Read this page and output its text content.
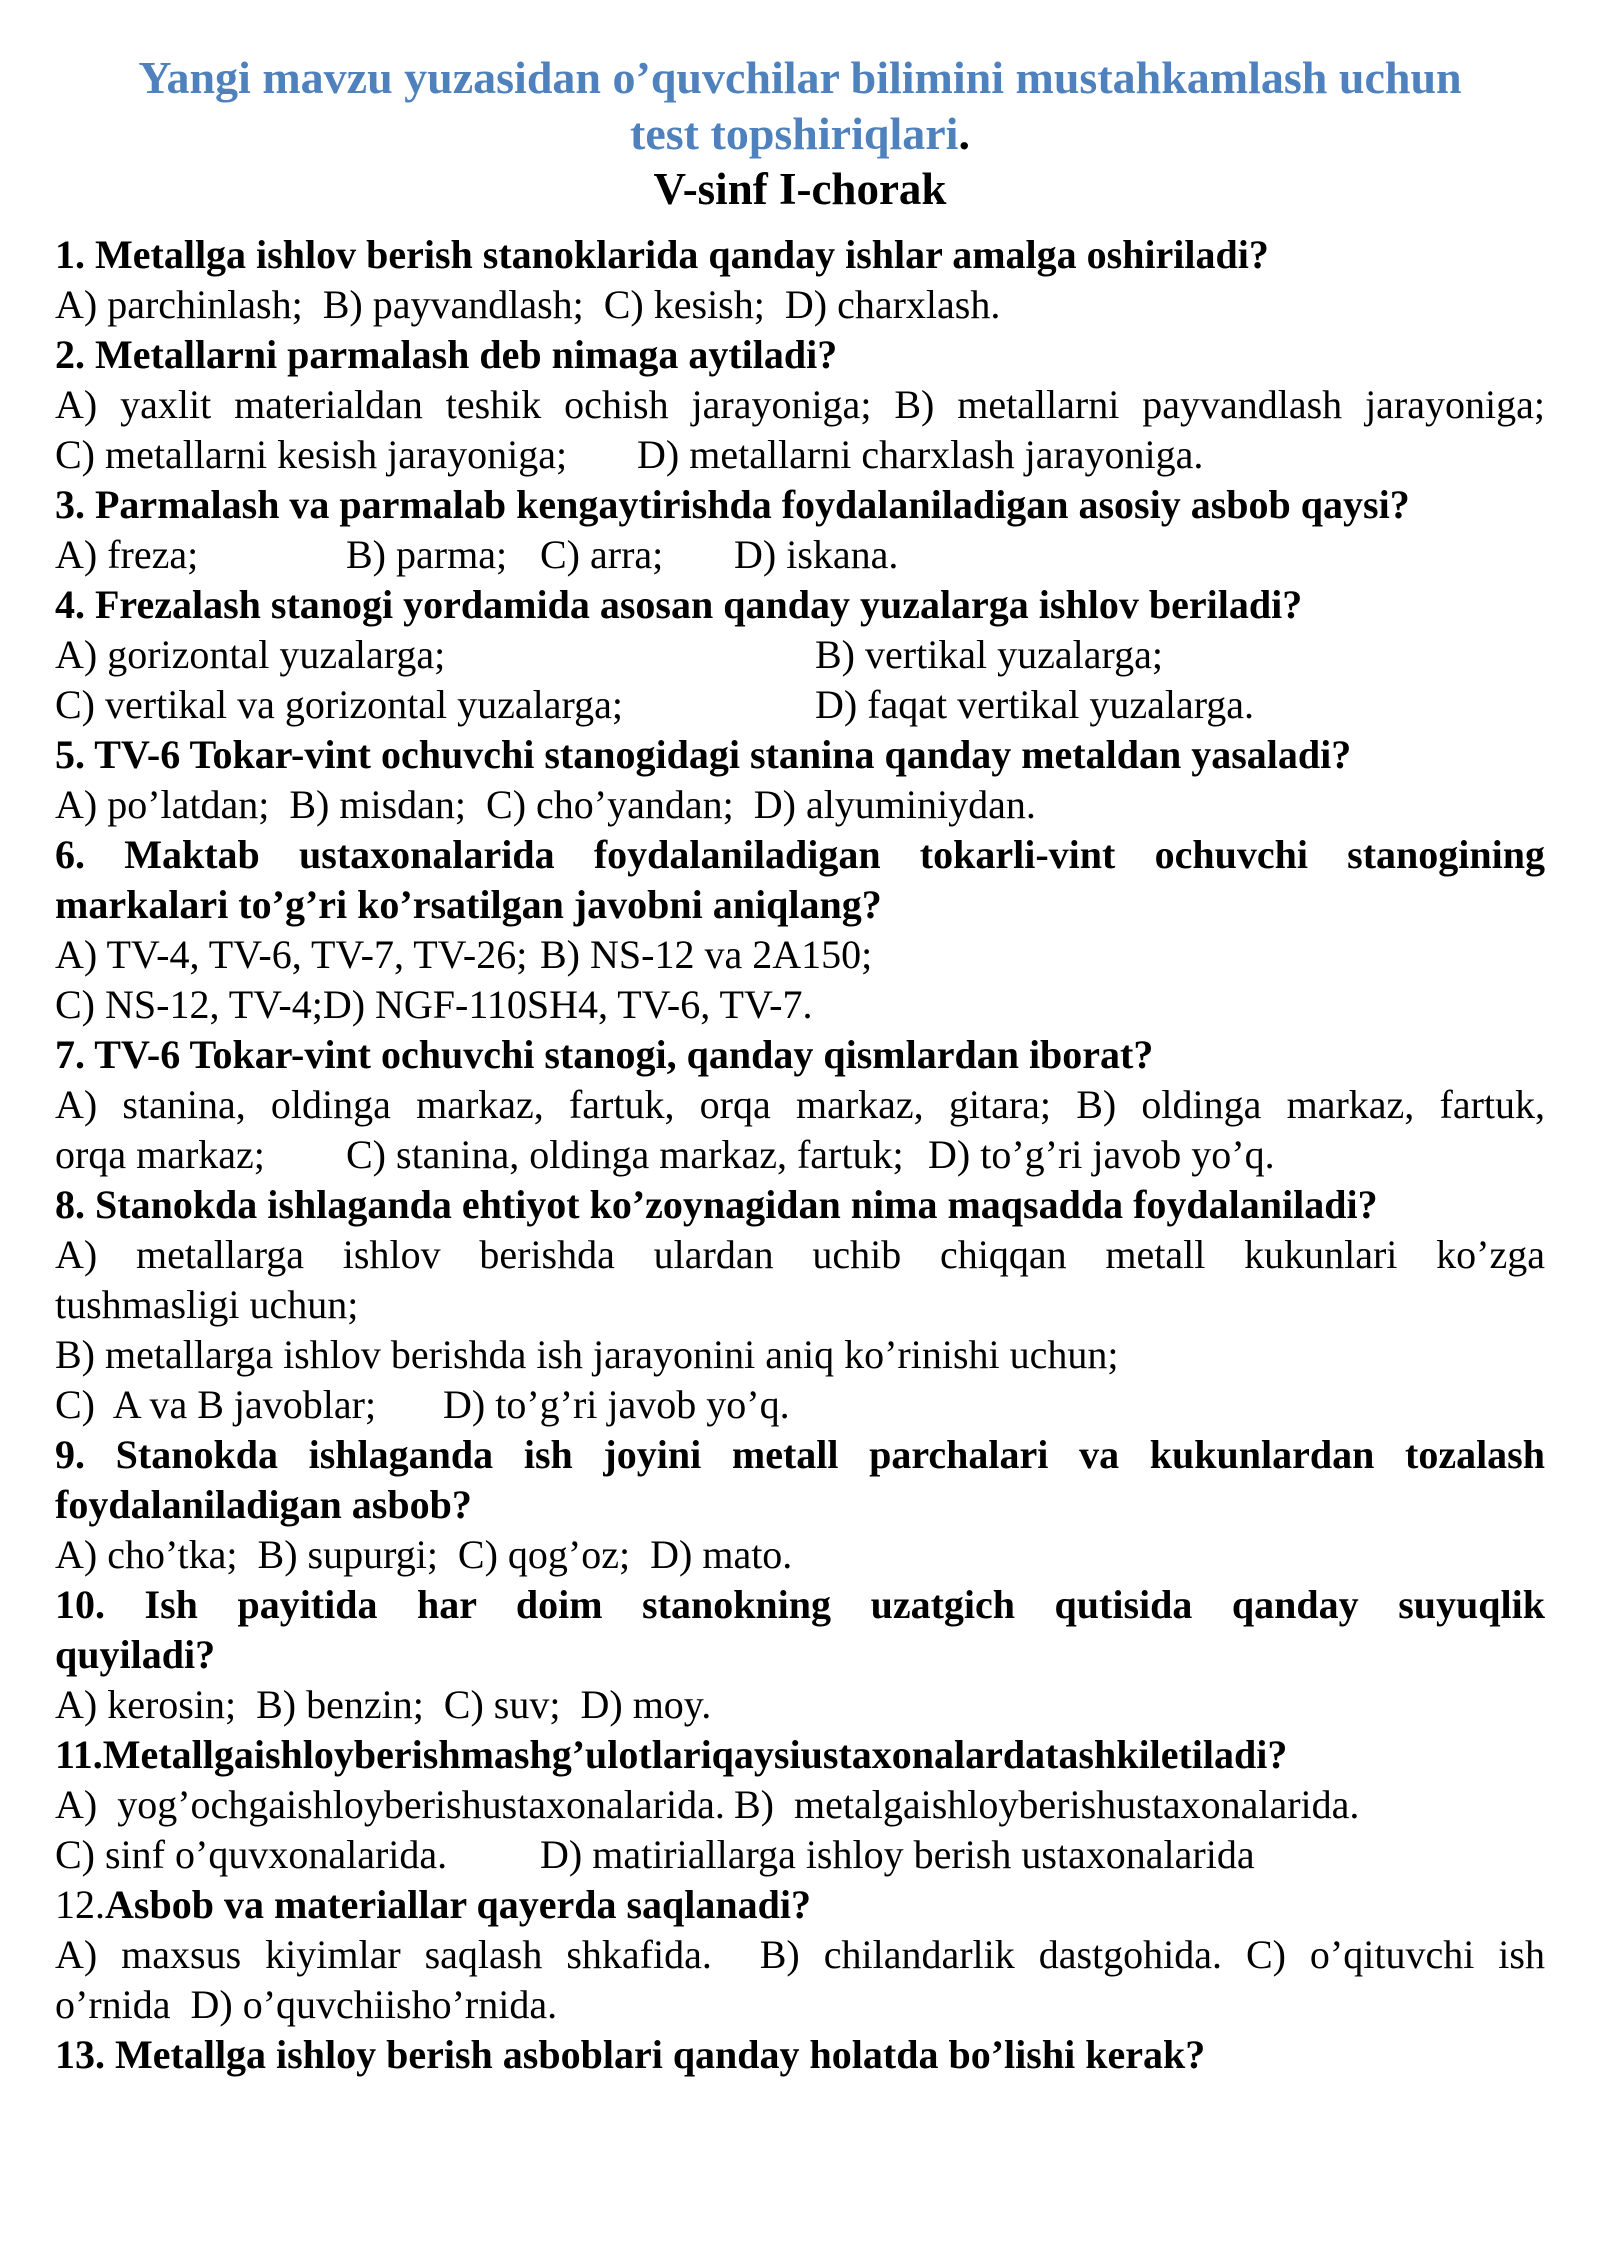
Yangi mavzu yuzasidan o’quvchilar bilimini mustahkamlash uchun
test topshiriqlari.
V-sinf I-chorak
1. Metallga ishlov berish stanoklarida qanday ishlar amalga oshiriladi?
A) parchinlash;  B) payvandlash;  C) kesish;  D) charxlash.
2. Metallarni parmalash deb nimaga aytiladi?
A) yaxlit materialdan teshik ochish jarayoniga; B) metallarni payvandlash jarayoniga;
C) metallarni kesish jarayoniga;	D) metallarni charxlash jarayoniga.
3. Parmalash va parmalab kengaytirishda foydalaniladigan asosiy asbob qaysi?
A) freza;		B) parma;	C) arra;	D) iskana.
4. Frezalash stanogi yordamida asosan qanday yuzalarga ishlov beriladi?
A) gorizontal yuzalarga;	B) vertikal yuzalarga;
C) vertikal va gorizontal yuzalarga;	D) faqat vertikal yuzalarga.
5. TV-6 Tokar-vint ochuvchi stanogidagi stanina qanday metaldan yasaladi?
A) po’latdan;  B) misdan;  C) cho’yandan;  D) alyuminiydan.
6. Maktab ustaxonalarida foydalaniladigan tokarli-vint ochuvchi stanogining
markalari to’g’ri ko’rsatilgan javobni aniqlang?
A) TV-4, TV-6, TV-7, TV-26;	B) NS-12 va 2A150;
C) NS-12, TV-4;D) NGF-110SH4, TV-6, TV-7.
7. TV-6 Tokar-vint ochuvchi stanogi, qanday qismlardan iborat?
A) stanina, oldinga markaz, fartuk, orqa markaz, gitara; B) oldinga markaz, fartuk,
orqa markaz;	C) stanina, oldinga markaz, fartuk;	D) to’g’ri javob yo’q.
8. Stanokda ishlaganda ehtiyot ko’zoynagidan nima maqsadda foydalaniladi?
A) metallarga ishlov berishda ulardan uchib chiqqan metall kukunlari ko’zga
tushmasligi uchun;
B) metallarga ishlov berishda ish jarayonini aniq ko’rinishi uchun;
C)  A va B javoblar;	D) to’g’ri javob yo’q.
9. Stanokda ishlaganda ish joyini metall parchalari va kukunlardan tozalash
foydalaniladigan asbob?
A) cho’tka;  B) supurgi;  C) qog’oz;  D) mato.
10. Ish payitida har doim stanokning uzatgich qutisida qanday suyuqlik
quyiladi?
A) kerosin;  B) benzin;  C) suv;  D) moy.
11.Metallgaishloyberishmashg’ulotlariqaysiustaxonalardatashkiletiladi?
A)  yog’ochgaishloyberishustaxonalarida.	B)  metalgaishloyberishustaxonalarida.
C) sinf o’quvxonalarida.	D) matiriallarga ishloy berish ustaxonalarida
12.Asbob va materiallar qayerda saqlanadi?
A) maxsus kiyimlar saqlash shkafida.  B) chilandarlik dastgohida. C) o’qituvchi ish
o’rnida  D) o’quvchiisho’rnida.
13. Metallga ishloy berish asboblari qanday holatda bo’lishi kerak?
